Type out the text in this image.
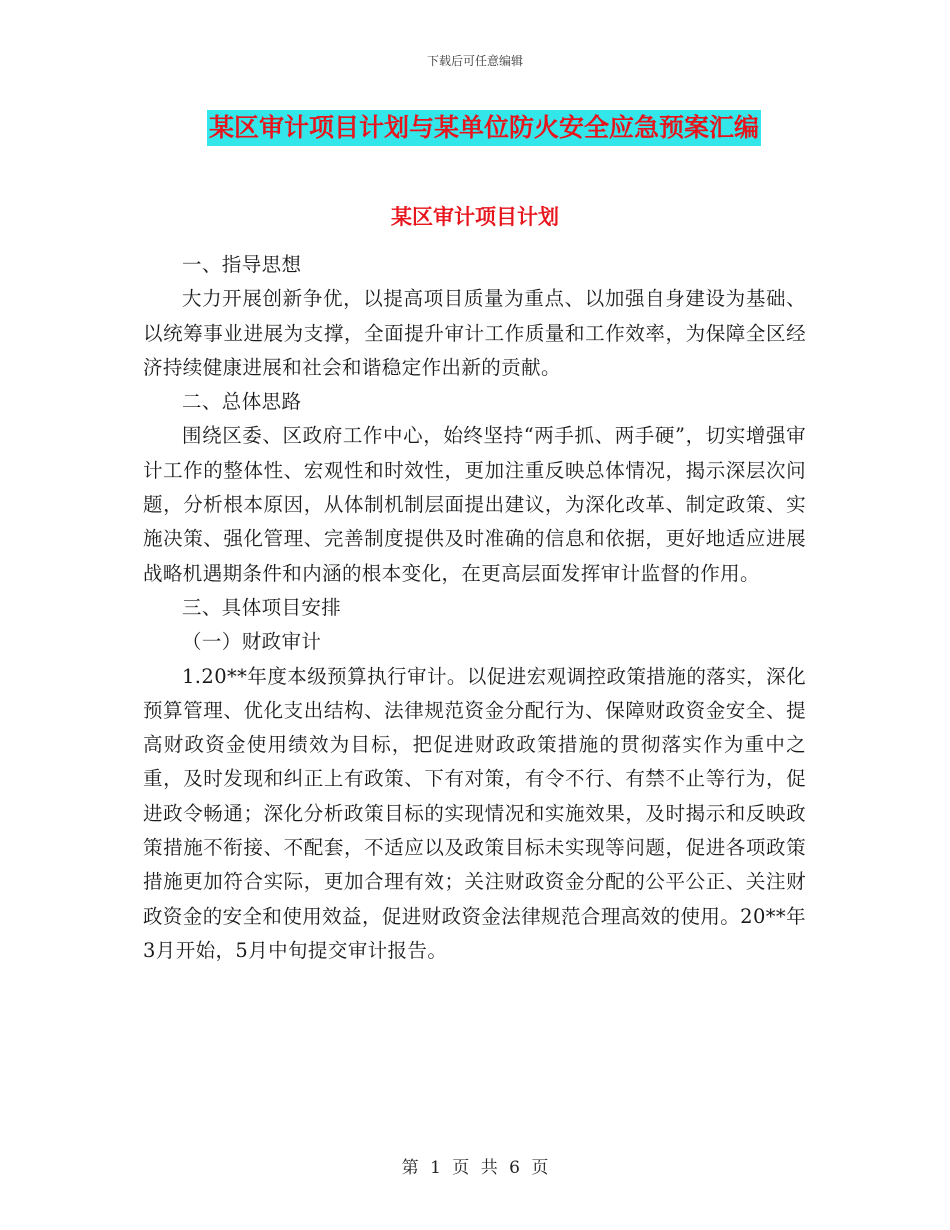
下载后可任意编辑
某区审计项目计划与某单位防火安全应急预案汇编
某区审计项目计划

一、指导思想

大力开展创新争优，以提高项目质量为重点、以加强自身建设为基础、以统筹事业进展为支撑，全面提升审计工作质量和工作效率，为保障全区经济持续健康进展和社会和谐稳定作出新的贡献。

二、总体思路

围绕区委、区政府工作中心，始终坚持“两手抓、两手硬”，切实增强审计工作的整体性、宏观性和时效性，更加注重反映总体情况，揭示深层次问题，分析根本原因，从体制机制层面提出建议，为深化改革、制定政策、实施决策、强化管理、完善制度提供及时准确的信息和依据，更好地适应进展战略机遇期条件和内涵的根本变化，在更高层面发挥审计监督的作用。

三、具体项目安排

（一）财政审计

1.20**年度本级预算执行审计。以促进宏观调控政策措施的落实，深化预算管理、优化支出结构、法律规范资金分配行为、保障财政资金安全、提高财政资金使用绩效为目标，把促进财政政策措施的贯彻落实作为重中之重，及时发现和纠正上有政策、下有对策，有令不行、有禁不止等行为，促进政令畅通；深化分析政策目标的实现情况和实施效果，及时揭示和反映政策措施不衔接、不配套，不适应以及政策目标未实现等问题，促进各项政策措施更加符合实际，更加合理有效；关注财政资金分配的公平公正、关注财政资金的安全和使用效益，促进财政资金法律规范合理高效的使用。20**年3月开始，5月中旬提交审计报告。

第 1 页 共 6 页
